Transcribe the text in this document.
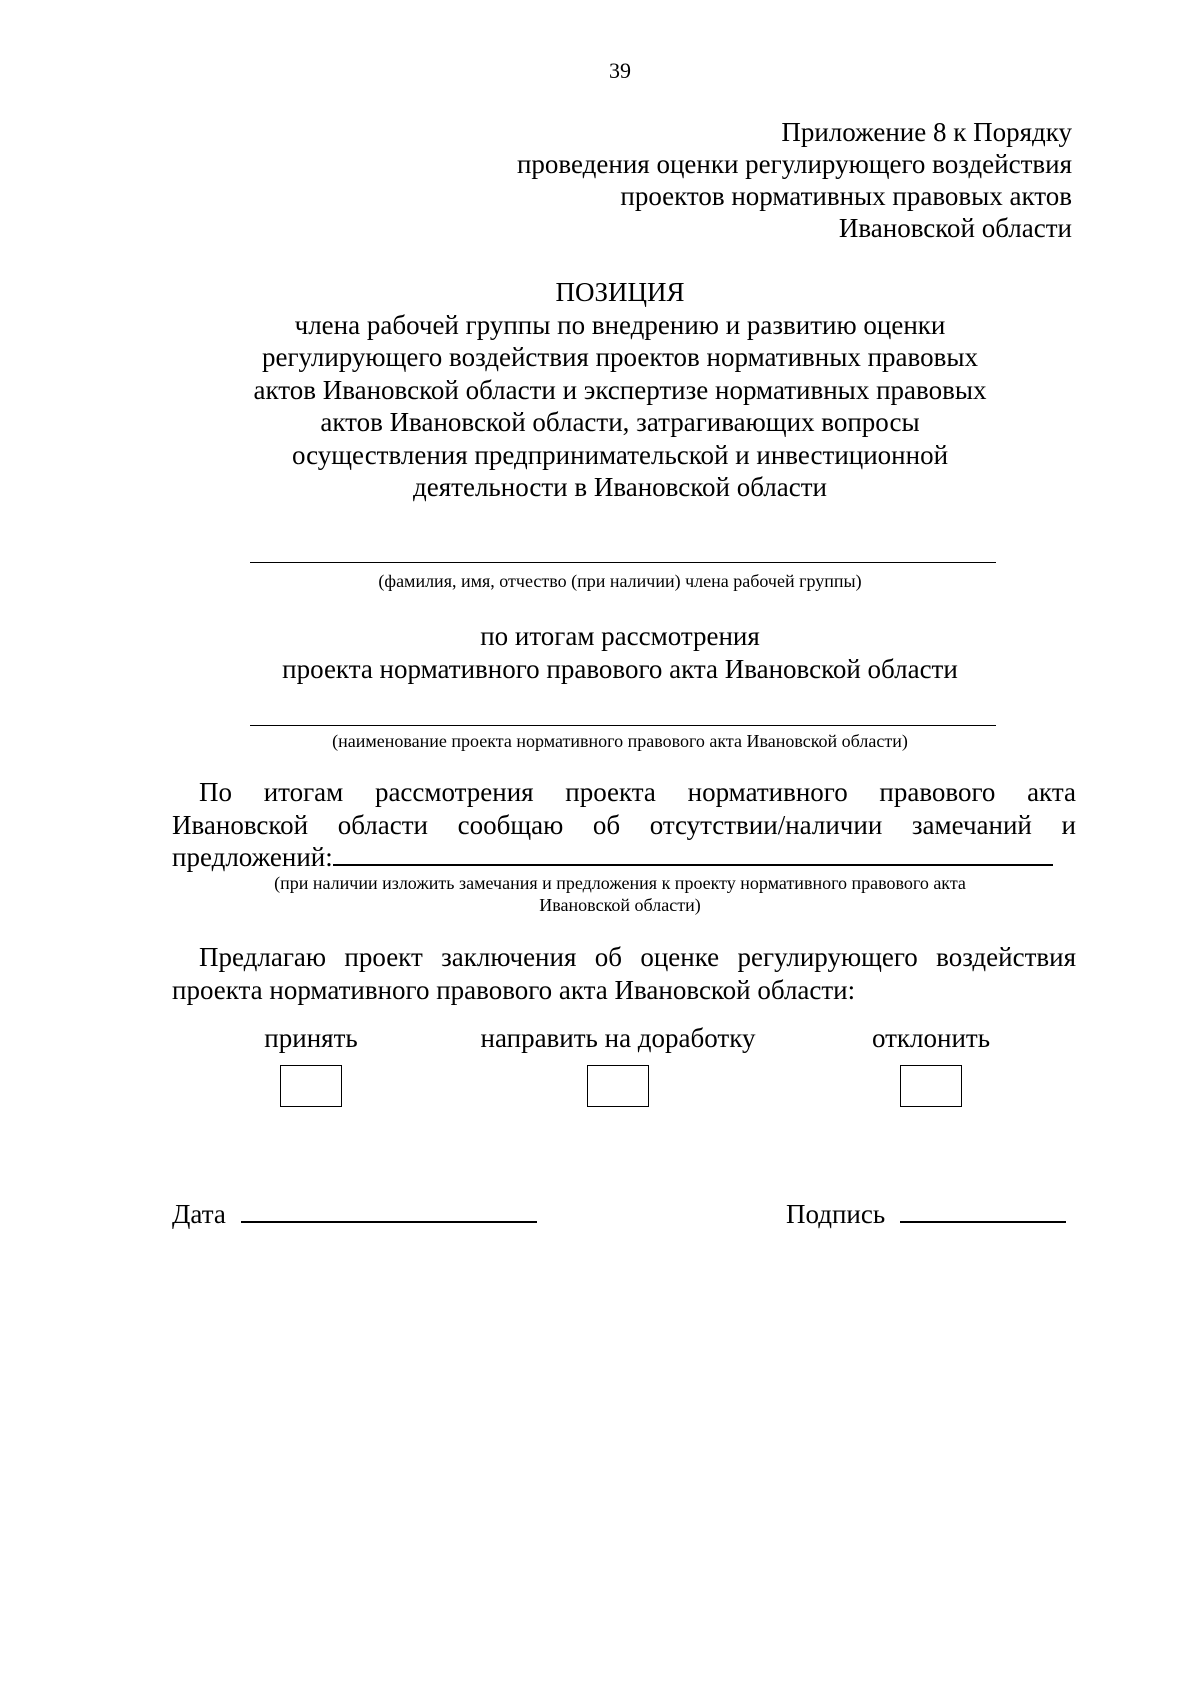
39
Приложение 8 к Порядку
проведения оценки регулирующего воздействия
проектов нормативных правовых актов
Ивановской области
ПОЗИЦИЯ
члена рабочей группы по внедрению и развитию оценки
регулирующего воздействия проектов нормативных правовых
актов Ивановской области и экспертизе нормативных правовых
актов Ивановской области, затрагивающих вопросы
осуществления предпринимательской и инвестиционной
деятельности в Ивановской области
(фамилия, имя, отчество (при наличии) члена рабочей группы)
по итогам рассмотрения
проекта нормативного правового акта Ивановской области
(наименование проекта нормативного правового акта Ивановской области)
По итогам рассмотрения проекта нормативного правового акта
Ивановской области сообщаю об отсутствии/наличии замечаний и
предложений:
(при наличии изложить замечания и предложения к проекту нормативного правового акта
Ивановской области)
Предлагаю проект заключения об оценке регулирующего воздействия
проекта нормативного правового акта Ивановской области:
принять	направить на доработку	отклонить
Дата	Подпись
